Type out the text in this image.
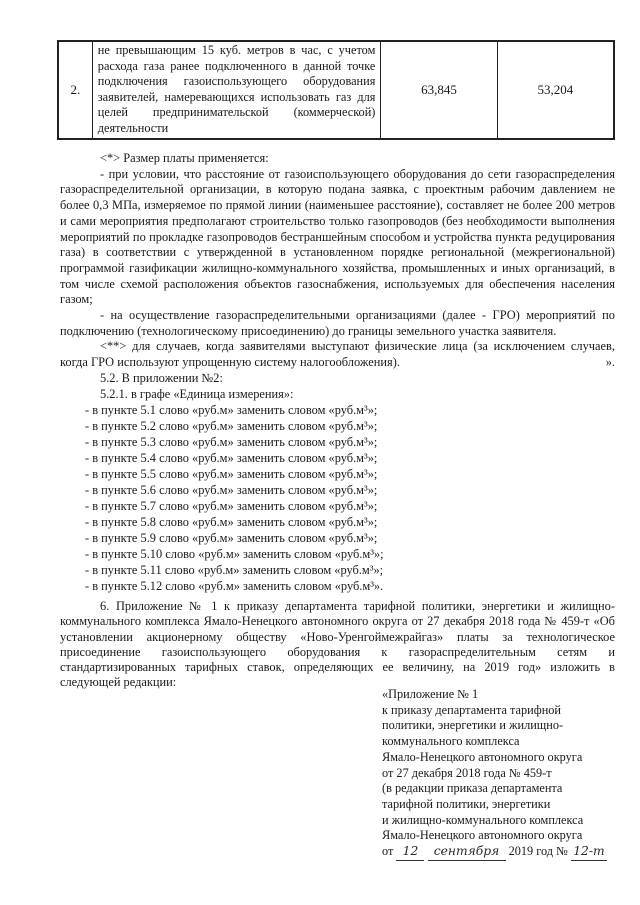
2.	не превышающим 15 куб. метров в час, с учетом расхода газа ранее подключенного в данной точке подключения газоиспользующего оборудования заявителей, намеревающихся использовать газ для целей предпринимательской (коммерческой) деятельности	63,845	53,204

<*> Размер платы применяется:

- при условии, что расстояние от газоиспользующего оборудования до сети газораспределения газораспределительной организации, в которую подана заявка, с проектным рабочим давлением не более 0,3 МПа, измеряемое по прямой линии (наименьшее расстояние), составляет не более 200 метров и сами мероприятия предполагают строительство только газопроводов (без необходимости выполнения мероприятий по прокладке газопроводов бестраншейным способом и устройства пункта редуцирования газа) в соответствии с утвержденной в установленном порядке региональной (межрегиональной) программой газификации жилищно-коммунального хозяйства, промышленных и иных организаций, в том числе схемой расположения объектов газоснабжения, используемых для обеспечения населения газом;

- на осуществление газораспределительными организациями (далее - ГРО) мероприятий по подключению (технологическому присоединению) до границы земельного участка заявителя.

<**> для случаев, когда заявителями выступают физические лица (за исключением случаев, когда ГРО используют упрощенную систему налогообложения).	».

5.2. В приложении №2:

5.2.1. в графе «Единица измерения»:

- в пункте 5.1 слово «руб.м» заменить словом «руб.м³»;
- в пункте 5.2 слово «руб.м» заменить словом «руб.м³»;
- в пункте 5.3 слово «руб.м» заменить словом «руб.м³»;
- в пункте 5.4 слово «руб.м» заменить словом «руб.м³»;
- в пункте 5.5 слово «руб.м» заменить словом «руб.м³»;
- в пункте 5.6 слово «руб.м» заменить словом «руб.м³»;
- в пункте 5.7 слово «руб.м» заменить словом «руб.м³»;
- в пункте 5.8 слово «руб.м» заменить словом «руб.м³»;
- в пункте 5.9 слово «руб.м» заменить словом «руб.м³»;
- в пункте 5.10 слово «руб.м» заменить словом «руб.м³»;
- в пункте 5.11 слово «руб.м» заменить словом «руб.м³»;
- в пункте 5.12 слово «руб.м» заменить словом «руб.м³».
6. Приложение № 1 к приказу департамента тарифной политики, энергетики и жилищно-коммунального комплекса Ямало-Ненецкого автономного округа от 27 декабря 2018 года № 459-т «Об установлении акционерному обществу «Ново-Уренгоймежрайгаз» платы за технологическое присоединение газоиспользующего оборудования к газораспределительным сетям и стандартизированных тарифных ставок, определяющих ее величину, на 2019 год» изложить в следующей редакции:
«Приложение № 1
к приказу департамента тарифной
политики, энергетики и жилищно-
коммунального комплекса
Ямало-Ненецкого автономного округа
от 27 декабря 2018 года № 459-т
(в редакции приказа департамента
тарифной политики, энергетики
и жилищно-коммунального комплекса
Ямало-Ненецкого автономного округа
от 12 сентября 2019 год № 12-т
